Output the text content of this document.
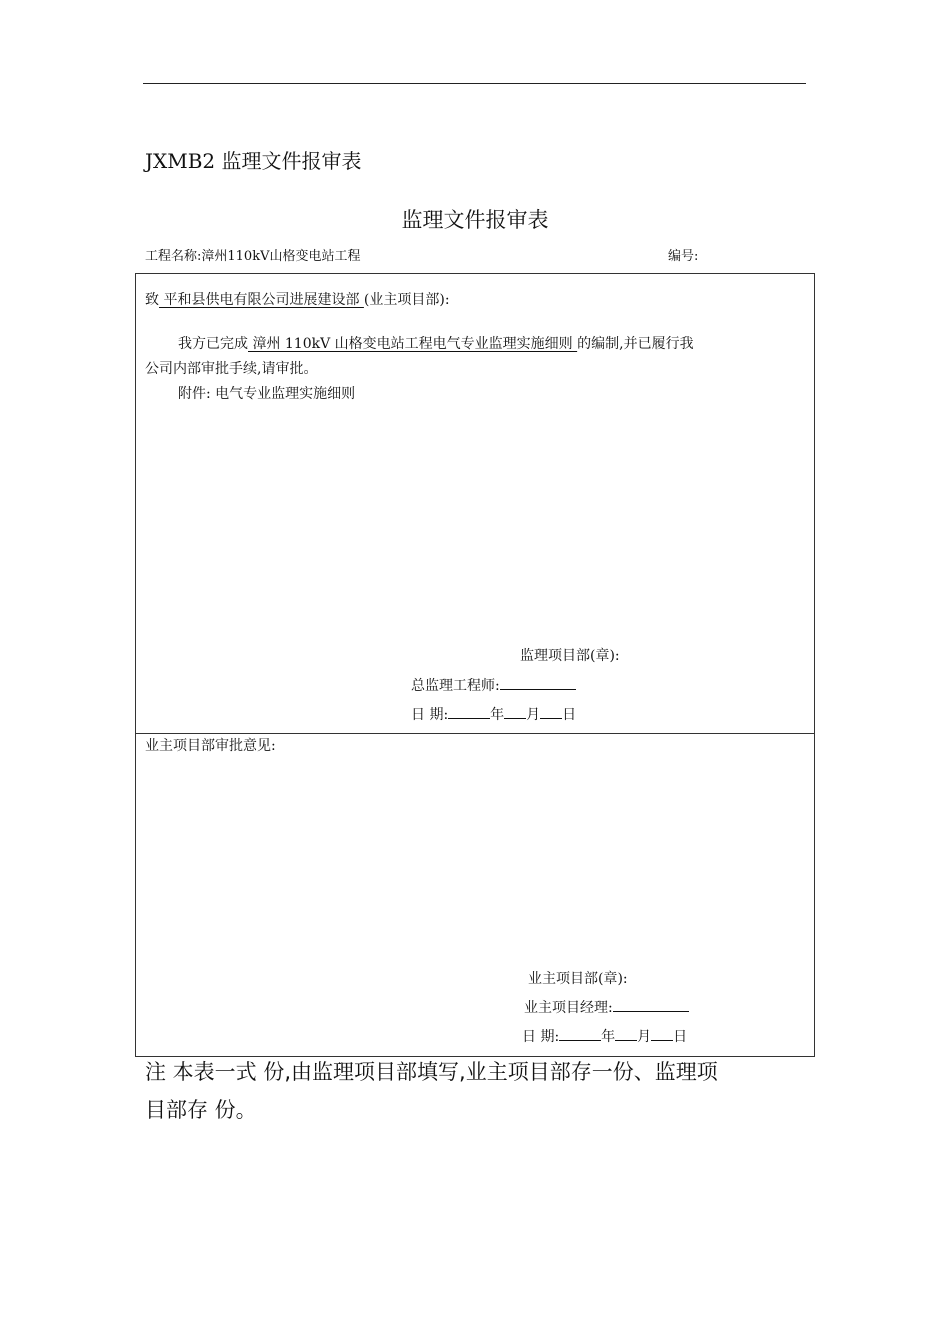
JXMB2 监理文件报审表
监理文件报审表
工程名称:漳州110kV山格变电站工程	编号:
致 平和县供电有限公司进展建设部 (业主项目部):
我方已完成 漳州 110kV 山格变电站工程电气专业监理实施细则 的编制,并已履行我
公司内部审批手续,请审批。
附件: 电气专业监理实施细则
监理项目部(章):
总监理工程师:
日 期:	年 月 日
业主项目部审批意见:
业主项目部(章):
业主项目经理:
日 期:	年 月 日
注 本表一式 份,由监理项目部填写,业主项目部存一份、监理项
目部存 份。
